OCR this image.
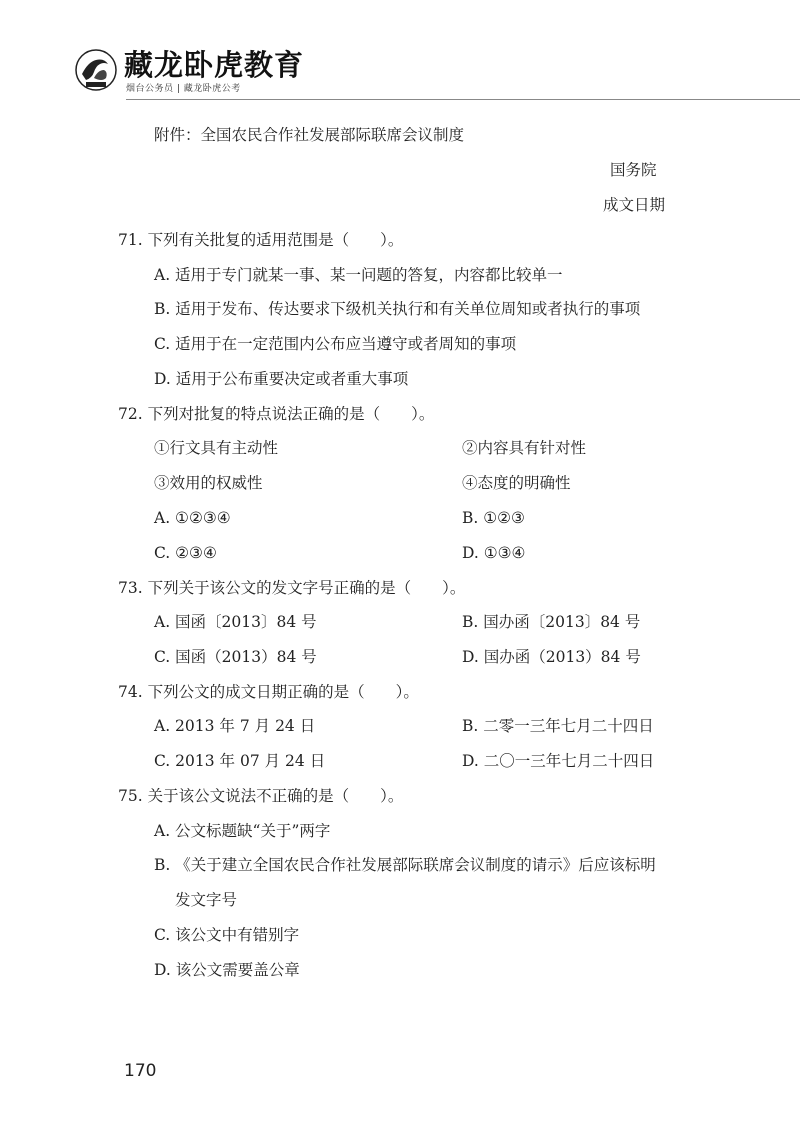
藏龙卧虎教育
烟台公务员 | 藏龙卧虎公考
附件：全国农民合作社发展部际联席会议制度
国务院
成文日期
71. 下列有关批复的适用范围是（　　）。
A. 适用于专门就某一事、某一问题的答复，内容都比较单一
B. 适用于发布、传达要求下级机关执行和有关单位周知或者执行的事项
C. 适用于在一定范围内公布应当遵守或者周知的事项
D. 适用于公布重要决定或者重大事项
72. 下列对批复的特点说法正确的是（　　）。
①行文具有主动性	②内容具有针对性
③效用的权威性	④态度的明确性
A. ①②③④	B. ①②③
C. ②③④	D. ①③④
73. 下列关于该公文的发文字号正确的是（　　）。
A. 国函〔2013〕84 号	B. 国办函〔2013〕84 号
C. 国函（2013）84 号	D. 国办函（2013）84 号
74. 下列公文的成文日期正确的是（　　）。
A. 2013 年 7 月 24 日	B. 二零一三年七月二十四日
C. 2013 年 07 月 24 日	D. 二〇一三年七月二十四日
75. 关于该公文说法不正确的是（　　）。
A. 公文标题缺“关于”两字
B. 《关于建立全国农民合作社发展部际联席会议制度的请示》后应该标明
发文字号
C. 该公文中有错别字
D. 该公文需要盖公章
170
